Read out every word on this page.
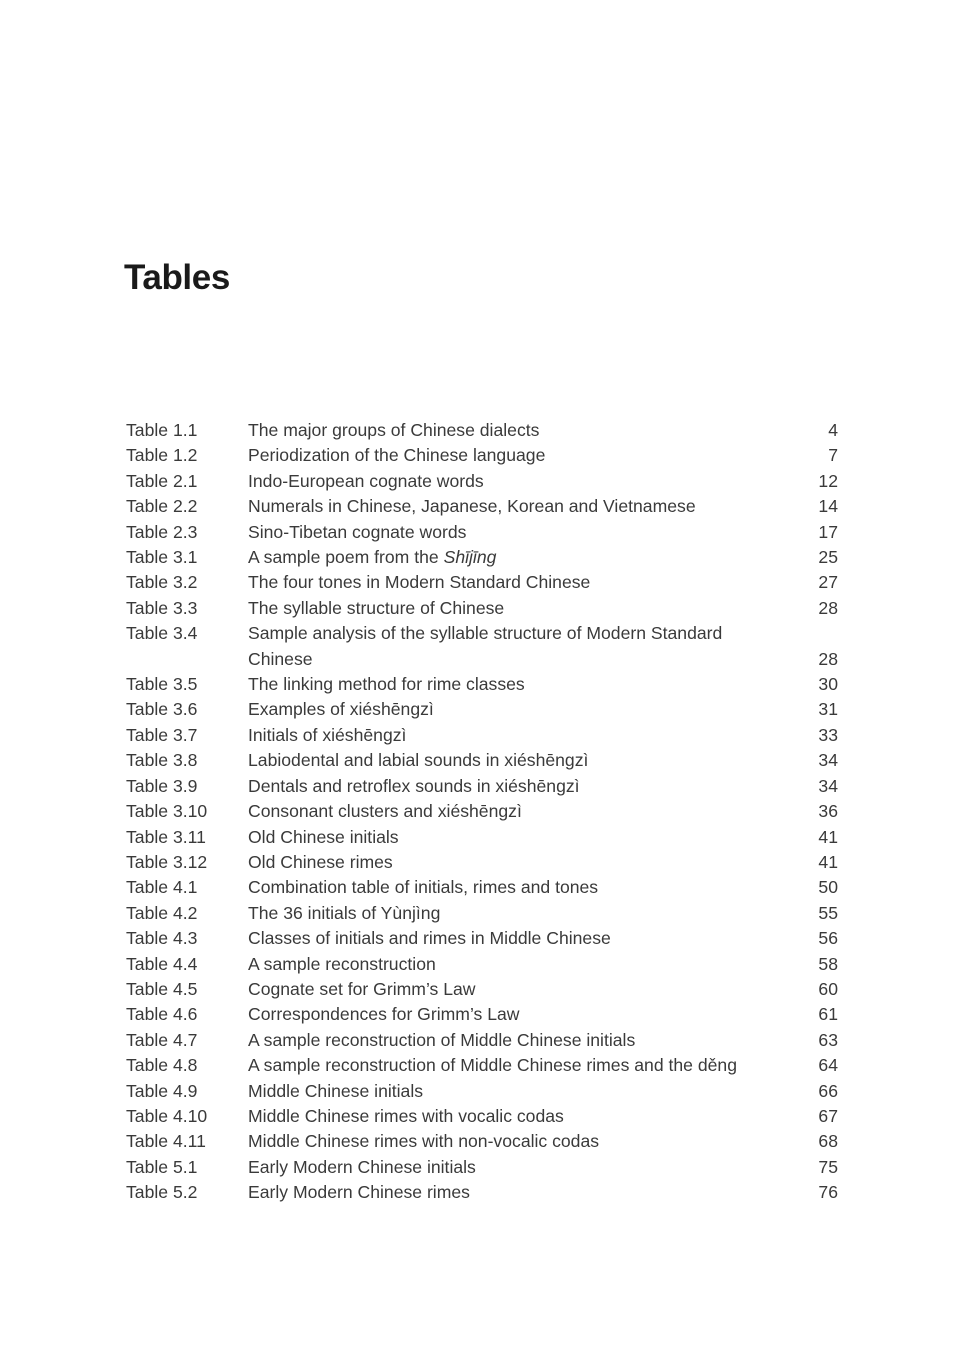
Tables
Table 1.1	The major groups of Chinese dialects	4
Table 1.2	Periodization of the Chinese language	7
Table 2.1	Indo-European cognate words	12
Table 2.2	Numerals in Chinese, Japanese, Korean and Vietnamese	14
Table 2.3	Sino-Tibetan cognate words	17
Table 3.1	A sample poem from the Shījīng	25
Table 3.2	The four tones in Modern Standard Chinese	27
Table 3.3	The syllable structure of Chinese	28
Table 3.4	Sample analysis of the syllable structure of Modern Standard Chinese	28
Table 3.5	The linking method for rime classes	30
Table 3.6	Examples of xiéshēngzì	31
Table 3.7	Initials of xiéshēngzì	33
Table 3.8	Labiodental and labial sounds in xiéshēngzì	34
Table 3.9	Dentals and retroflex sounds in xiéshēngzì	34
Table 3.10	Consonant clusters and xiéshēngzì	36
Table 3.11	Old Chinese initials	41
Table 3.12	Old Chinese rimes	41
Table 4.1	Combination table of initials, rimes and tones	50
Table 4.2	The 36 initials of Yùnjìng	55
Table 4.3	Classes of initials and rimes in Middle Chinese	56
Table 4.4	A sample reconstruction	58
Table 4.5	Cognate set for Grimm’s Law	60
Table 4.6	Correspondences for Grimm’s Law	61
Table 4.7	A sample reconstruction of Middle Chinese initials	63
Table 4.8	A sample reconstruction of Middle Chinese rimes and the děng	64
Table 4.9	Middle Chinese initials	66
Table 4.10	Middle Chinese rimes with vocalic codas	67
Table 4.11	Middle Chinese rimes with non-vocalic codas	68
Table 5.1	Early Modern Chinese initials	75
Table 5.2	Early Modern Chinese rimes	76
